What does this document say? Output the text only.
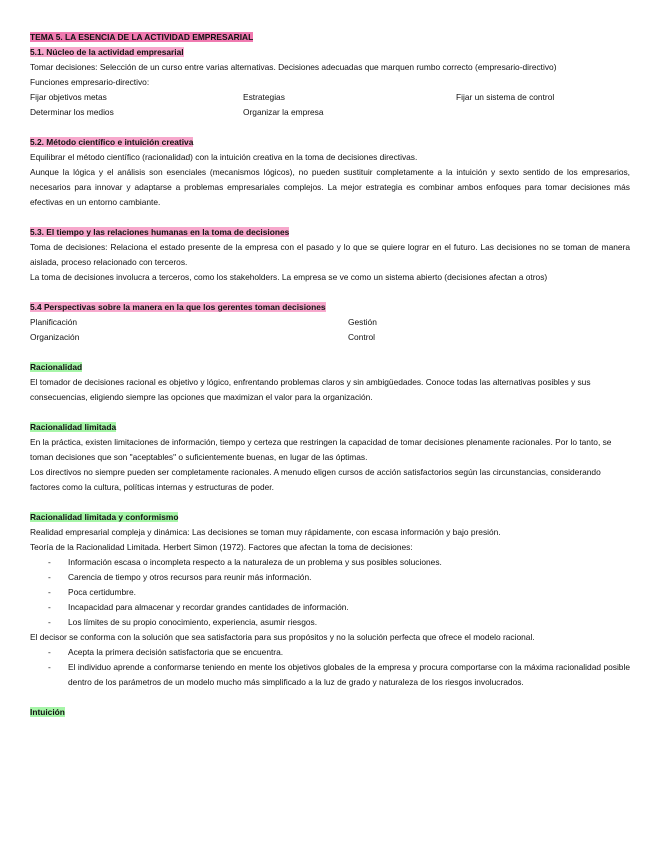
TEMA 5. LA ESENCIA DE LA ACTIVIDAD EMPRESARIAL
5.1. Núcleo de la actividad empresarial
Tomar decisiones: Selección de un curso entre varias alternativas. Decisiones adecuadas que marquen rumbo correcto (empresario-directivo)
Funciones empresario-directivo:
Fijar objetivos metas	Estrategias	Fijar un sistema de control
Determinar los medios	Organizar la empresa
5.2. Método científico e intuición creativa
Equilibrar el método científico (racionalidad) con la intuición creativa en la toma de decisiones directivas.
Aunque la lógica y el análisis son esenciales (mecanismos lógicos), no pueden sustituir completamente a la intuición y sexto sentido de los empresarios, necesarios para innovar y adaptarse a problemas empresariales complejos. La mejor estrategia es combinar ambos enfoques para tomar decisiones más efectivas en un entorno cambiante.
5.3. El tiempo y las relaciones humanas en la toma de decisiones
Toma de decisiones: Relaciona el estado presente de la empresa con el pasado y lo que se quiere lograr en el futuro. Las decisiones no se toman de manera aislada, proceso relacionado con terceros.
La toma de decisiones involucra a terceros, como los stakeholders. La empresa se ve como un sistema abierto (decisiones afectan a otros)
5.4 Perspectivas sobre la manera en la que los gerentes toman decisiones
Planificación	Gestión
Organización	Control
Racionalidad
El tomador de decisiones racional es objetivo y lógico, enfrentando problemas claros y sin ambigüedades. Conoce todas las alternativas posibles y sus consecuencias, eligiendo siempre las opciones que maximizan el valor para la organización.
Racionalidad limitada
En la práctica, existen limitaciones de información, tiempo y certeza que restringen la capacidad de tomar decisiones plenamente racionales. Por lo tanto, se toman decisiones que son "aceptables" o suficientemente buenas, en lugar de las óptimas.
Los directivos no siempre pueden ser completamente racionales. A menudo eligen cursos de acción satisfactorios según las circunstancias, considerando factores como la cultura, políticas internas y estructuras de poder.
Racionalidad limitada y conformismo
Realidad empresarial compleja y dinámica: Las decisiones se toman muy rápidamente, con escasa información y bajo presión.
Teoría de la Racionalidad Limitada. Herbert Simon (1972). Factores que afectan la toma de decisiones:
- Información escasa o incompleta respecto a la naturaleza de un problema y sus posibles soluciones.
- Carencia de tiempo y otros recursos para reunir más información.
- Poca certidumbre.
- Incapacidad para almacenar y recordar grandes cantidades de información.
- Los límites de su propio conocimiento, experiencia, asumir riesgos.
El decisor se conforma con la solución que sea satisfactoria para sus propósitos y no la solución perfecta que ofrece el modelo racional.
- Acepta la primera decisión satisfactoria que se encuentra.
- El individuo aprende a conformarse teniendo en mente los objetivos globales de la empresa y procura comportarse con la máxima racionalidad posible dentro de los parámetros de un modelo mucho más simplificado a la luz de grado y naturaleza de los riesgos involucrados.
Intuición
